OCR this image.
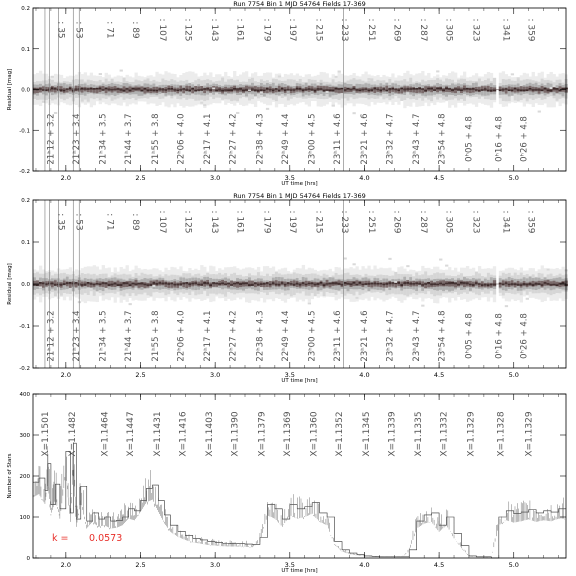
Run 7754 Bin 1 MJD 54764 Fields 17-369
UT time [hrs]
Residual [mag]
: 35 : 53 : 71 : 89 : 107 : 125 : 143 : 161 : 179 : 197 : 215 : 233 : 251 : 269 : 287 : 305 : 323 : 341 : 359
21ʰ12 + 3.2 21ʰ23 + 3.4 21ʰ34 + 3.5 21ʰ44 + 3.7 21ʰ55 + 3.8 22ʰ06 + 4.0 22ʰ17 + 4.1 22ʰ27 + 4.2 22ʰ38 + 4.3 22ʰ49 + 4.4 23ʰ00 + 4.5 23ʰ11 + 4.6 23ʰ21 + 4.6 23ʰ32 + 4.7 23ʰ43 + 4.7 23ʰ54 + 4.8 0ʰ05 + 4.8 0ʰ16 + 4.8 0ʰ26 + 4.8
2.0	2.5	3.0	3.5	4.0	4.5	5.0
-0.2
-0.1
0.0
0.1
0.2
Run 7754 Bin 1 MJD 54764 Fields 17-369
UT time [hrs]
Residual [mag]
: 35 : 53 : 71 : 89 : 107 : 125 : 143 : 161 : 179 : 197 : 215 : 233 : 251 : 269 : 287 : 305 : 323 : 341 : 359
21ʰ12 + 3.2 21ʰ23 + 3.4 21ʰ34 + 3.5 21ʰ44 + 3.7 21ʰ55 + 3.8 22ʰ06 + 4.0 22ʰ17 + 4.1 22ʰ27 + 4.2 22ʰ38 + 4.3 22ʰ49 + 4.4 23ʰ00 + 4.5 23ʰ11 + 4.6 23ʰ21 + 4.6 23ʰ32 + 4.7 23ʰ43 + 4.7 23ʰ54 + 4.8 0ʰ05 + 4.8 0ʰ16 + 4.8 0ʰ26 + 4.8
2.0	2.5	3.0	3.5	4.0	4.5	5.0
-0.2
-0.1
0.0
0.1
0.2
UT time [hrs]
Number of Stars
k = 0.0573
X=1.1501 X=1.1482	X=1.1464 X=1.1447 X=1.1431 X=1.1416 X=1.1403 X=1.1390 X=1.1379 X=1.1369 X=1.1360 X=1.1352 X=1.1345 X=1.1339 X=1.1335 X=1.1332 X=1.1329 X=1.1328 X=1.1329
2.0	2.5	3.0	3.5	4.0	4.5	5.0
0
100
200
300
400
